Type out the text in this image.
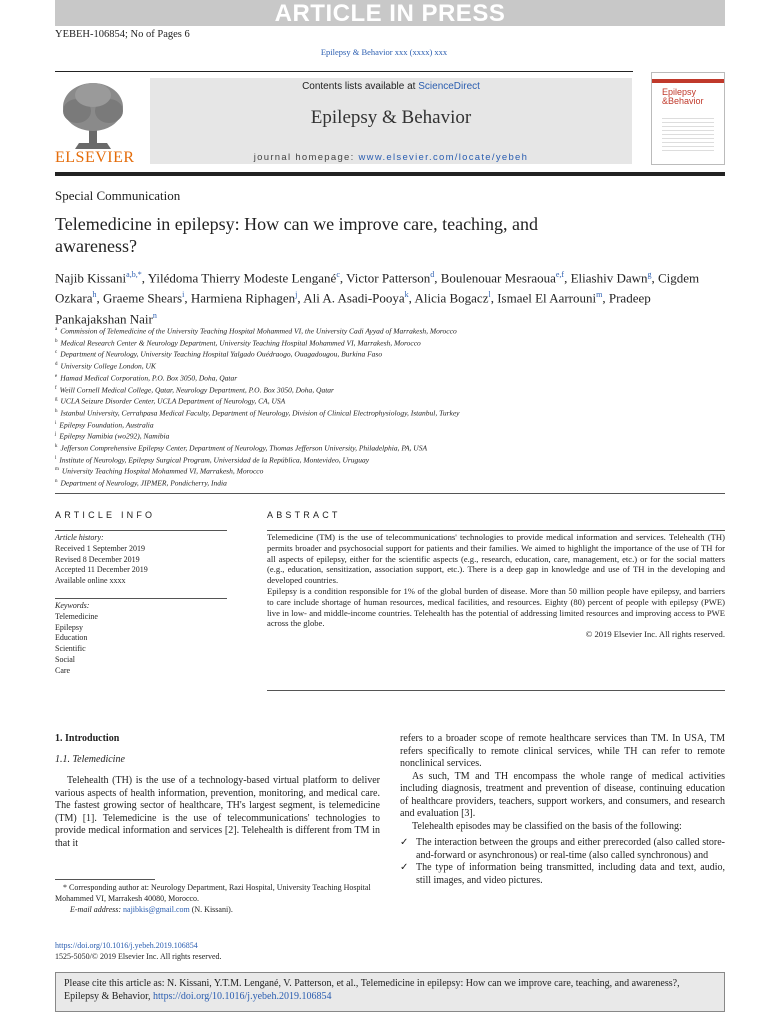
ARTICLE IN PRESS
YEBEH-106854; No of Pages 6
Epilepsy & Behavior xxx (xxxx) xxx
ELSEVIER
Contents lists available at ScienceDirect
Epilepsy & Behavior
journal homepage: www.elsevier.com/locate/yebeh
Epilepsy
&Behavior
Special Communication
Telemedicine in epilepsy: How can we improve care, teaching, and awareness?
Najib Kissani$^{a,b,*}$, Yilédoma Thierry Modeste Lengané$^c$, Victor Patterson$^d$, Boulenouar Mesraoua$^{e,f}$, Eliashiv Dawn$^g$, Cigdem Ozkara$^h$, Graeme Shears$^i$, Harmiena Riphagen$^j$, Ali A. Asadi-Pooya$^k$, Alicia Bogacz$^l$, Ismael El Aarrouni$^m$, Pradeep Pankajakshan Nair$^n$
$^a$ Commission of Telemedicine of the University Teaching Hospital Mohammed VI, the University Cadi Ayyad of Marrakesh, Morocco
$^b$ Medical Research Center & Neurology Department, University Teaching Hospital Mohammed VI, Marrakesh, Morocco
$^c$ Department of Neurology, University Teaching Hospital Yalgado Ouédraogo, Ouagadougou, Burkina Faso
$^d$ University College London, UK
$^e$ Hamad Medical Corporation, P.O. Box 3050, Doha, Qatar
$^f$ Weill Cornell Medical College, Qatar, Neurology Department, P.O. Box 3050, Doha, Qatar
$^g$ UCLA Seizure Disorder Center, UCLA Department of Neurology, CA, USA
$^h$ Istanbul University, Cerrahpasa Medical Faculty, Department of Neurology, Division of Clinical Electrophysiology, Istanbul, Turkey
$^i$ Epilepsy Foundation, Australia
$^j$ Epilepsy Namibia (wo292), Namibia
$^k$ Jefferson Comprehensive Epilepsy Center, Department of Neurology, Thomas Jefferson University, Philadelphia, PA, USA
$^l$ Institute of Neurology, Epilepsy Surgical Program, Universidad de la República, Montevideo, Uruguay
$^m$ University Teaching Hospital Mohammed VI, Marrakesh, Morocco
$^n$ Department of Neurology, JIPMER, Pondicherry, India
ARTICLE INFO	ABSTRACT
Article history:
Received 1 September 2019
Revised 8 December 2019
Accepted 11 December 2019
Available online xxxx
Keywords:
Telemedicine
Epilepsy
Education
Scientific
Social
Care

Telemedicine (TM) is the use of telecommunications' technologies to provide medical information and services. Telehealth (TH) permits broader and psychosocial support for patients and their families. We aimed to highlight the importance of the use of TH for all aspects of epilepsy, either for the scientific aspects (e.g., research, education, care, management, etc.) or for the social matters (e.g., education, sensitization, association support, etc.). There is a deep gap in knowledge and use of TH in the developing and developed countries.

Epilepsy is a condition responsible for 1% of the global burden of disease. More than 50 million people have epilepsy, and barriers to care include shortage of human resources, medical facilities, and resources. Eighty (80) percent of people with epilepsy (PWE) live in low- and middle-income countries. Telehealth has the potential of addressing limited resources and improving access to PWE across the globe.

© 2019 Elsevier Inc. All rights reserved.

1. Introduction

1.1. Telemedicine

Telehealth (TH) is the use of a technology-based virtual platform to deliver various aspects of health information, prevention, monitoring, and medical care. The fastest growing sector of healthcare, TH's largest segment, is telemedicine (TM) [1]. Telemedicine is the use of telecommunications' technologies to provide medical information and services [2]. Telehealth is different from TM in that it

refers to a broader scope of remote healthcare services than TM. In USA, TM refers specifically to remote clinical services, while TH can refer to remote nonclinical services.

As such, TM and TH encompass the whole range of medical activities including diagnosis, treatment and prevention of disease, continuing education of healthcare providers, teachers, support workers, and consumers, and research and evaluation [3].

Telehealth episodes may be classified on the basis of the following:

✓ The interaction between the groups and either prerecorded (also called store-and-forward or asynchronous) or real-time (also called synchronous) and
✓ The type of information being transmitted, including data and text, audio, still images, and video pictures.
* Corresponding author at: Neurology Department, Razi Hospital, University Teaching Hospital Mohammed VI, Marrakesh 40080, Morocco.
E-mail address: najibkis@gmail.com (N. Kissani).
https://doi.org/10.1016/j.yebeh.2019.106854
1525-5050/© 2019 Elsevier Inc. All rights reserved.
Please cite this article as: N. Kissani, Y.T.M. Lengané, V. Patterson, et al., Telemedicine in epilepsy: How can we improve care, teaching, and awareness?, Epilepsy & Behavior, https://doi.org/10.1016/j.yebeh.2019.106854
